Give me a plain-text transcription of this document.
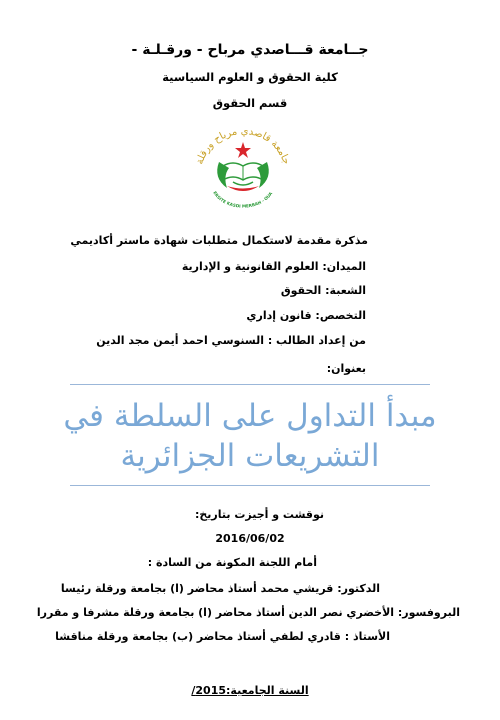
جــامعة قـــاصدي مرباح - ورقـلـة -
كلية الحقوق و العلوم السياسية
قسم الحقوق
جامعة قاصدي مرباح ورقلة
ERSITE KASDI MERBAH - OUA
مذكرة مقدمة لاستكمال متطلبات شهادة ماستر أكاديمي
الميدان: العلوم القانونية و الإدارية
الشعبة: الحقوق
التخصص: قانون إداري
من إعداد الطالب : السنوسي احمد أيمن مجد الدين
بعنوان:
مبدأ التداول على السلطة في
التشريعات الجزائرية
نوقشت و أجيزت بتاريخ:
2016/06/02
أمام اللجنة المكونة من السادة :
الدكتور: قريشي محمد أستاذ محاضر (ا) بجامعة ورقلة رئيسا
البروفسور: الأخضري نصر الدين أستاذ محاضر (ا) بجامعة ورقلة مشرفا و مقررا
الأستاذ : قادري لطفي أستاذ محاضر (ب) بجامعة ورقلة مناقشا
السنة الجامعية:2015/
